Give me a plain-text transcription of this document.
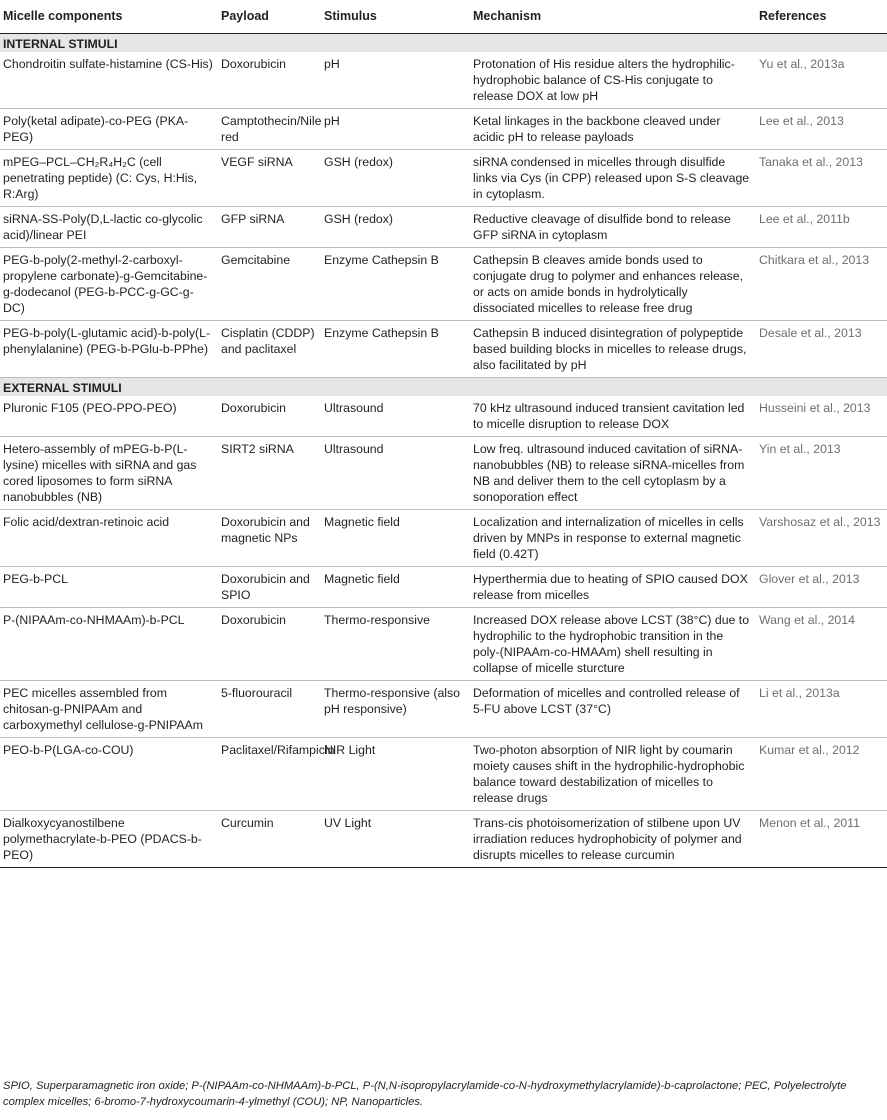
Micelle components	Payload	Stimulus	Mechanism	References
INTERNAL STIMULI				
Chondroitin sulfate-histamine (CS-His)	Doxorubicin	pH	Protonation of His residue alters the hydrophilic-hydrophobic balance of CS-His conjugate to release DOX at low pH	Yu et al., 2013a
Poly(ketal adipate)-co-PEG (PKA-PEG)	Camptothecin/Nile red	pH	Ketal linkages in the backbone cleaved under acidic pH to release payloads	Lee et al., 2013
mPEG–PCL–CH₂R₄H₂C (cell penetrating peptide) (C: Cys, H:His, R:Arg)	VEGF siRNA	GSH (redox)	siRNA condensed in micelles through disulfide links via Cys (in CPP) released upon S-S cleavage in cytoplasm.	Tanaka et al., 2013
siRNA-SS-Poly(D,L-lactic co-glycolic acid)/linear PEI	GFP siRNA	GSH (redox)	Reductive cleavage of disulfide bond to release GFP siRNA in cytoplasm	Lee et al., 2011b
PEG-b-poly(2-methyl-2-carboxyl-propylene carbonate)-g-Gemcitabine-g-dodecanol (PEG-b-PCC-g-GC-g-DC)	Gemcitabine	Enzyme Cathepsin B	Cathepsin B cleaves amide bonds used to conjugate drug to polymer and enhances release, or acts on amide bonds in hydrolytically dissociated micelles to release free drug	Chitkara et al., 2013
PEG-b-poly(L-glutamic acid)-b-poly(L-phenylalanine) (PEG-b-PGlu-b-PPhe)	Cisplatin (CDDP) and paclitaxel	Enzyme Cathepsin B	Cathepsin B induced disintegration of polypeptide based building blocks in micelles to release drugs, also facilitated by pH	Desale et al., 2013
EXTERNAL STIMULI				
Pluronic F105 (PEO-PPO-PEO)	Doxorubicin	Ultrasound	70 kHz ultrasound induced transient cavitation led to micelle disruption to release DOX	Husseini et al., 2013
Hetero-assembly of mPEG-b-P(L-lysine) micelles with siRNA and gas cored liposomes to form siRNA nanobubbles (NB)	SIRT2 siRNA	Ultrasound	Low freq. ultrasound induced cavitation of siRNA-nanobubbles (NB) to release siRNA-micelles from NB and deliver them to the cell cytoplasm by a sonoporation effect	Yin et al., 2013
Folic acid/dextran-retinoic acid	Doxorubicin and magnetic NPs	Magnetic field	Localization and internalization of micelles in cells driven by MNPs in response to external magnetic field (0.42T)	Varshosaz et al., 2013
PEG-b-PCL	Doxorubicin and SPIO	Magnetic field	Hyperthermia due to heating of SPIO caused DOX release from micelles	Glover et al., 2013
P-(NIPAAm-co-NHMAAm)-b-PCL	Doxorubicin	Thermo-responsive	Increased DOX release above LCST (38°C) due to hydrophilic to the hydrophobic transition in the poly-(NIPAAm-co-HMAAm) shell resulting in collapse of micelle sturcture	Wang et al., 2014
PEC micelles assembled from chitosan-g-PNIPAAm and carboxymethyl cellulose-g-PNIPAAm	5-fluorouracil	Thermo-responsive (also pH responsive)	Deformation of micelles and controlled release of 5-FU above LCST (37°C)	Li et al., 2013a
PEO-b-P(LGA-co-COU)	Paclitaxel/Rifampicin	NIR Light	Two-photon absorption of NIR light by coumarin moiety causes shift in the hydrophilic-hydrophobic balance toward destabilization of micelles to release drugs	Kumar et al., 2012
Dialkoxycyanostilbene polymethacrylate-b-PEO (PDACS-b-PEO)	Curcumin	UV Light	Trans-cis photoisomerization of stilbene upon UV irradiation reduces hydrophobicity of polymer and disrupts micelles to release curcumin	Menon et al., 2011

SPIO, Superparamagnetic iron oxide; P-(NIPAAm-co-NHMAAm)-b-PCL, P-(N,N-isopropylacrylamide-co-N-hydroxymethylacrylamide)-b-caprolactone; PEC, Polyelectrolyte complex micelles; 6-bromo-7-hydroxycoumarin-4-ylmethyl (COU); NP, Nanoparticles.
